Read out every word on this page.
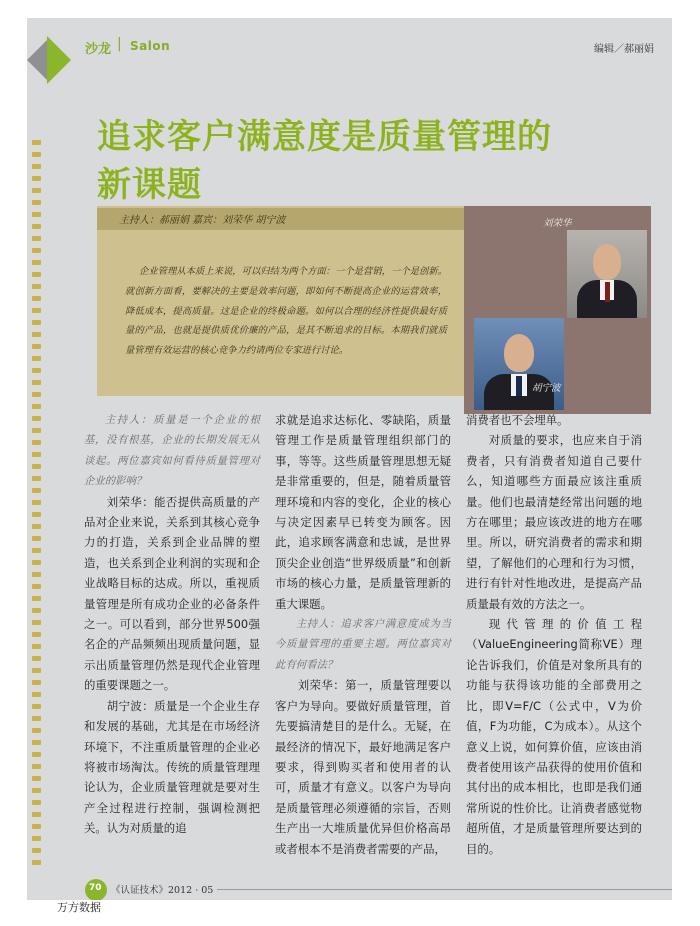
沙龙 | Salon	编辑／郝丽娟
追求客户满意度是质量管理的
新课题
主持人：郝丽娟 嘉宾：刘荣华 胡宁波
企业管理从本质上来说，可以归结为两个方面：一个是营销，一个是创新。就创新方面看，要解决的主要是效率问题，即如何不断提高企业的运营效率，降低成本，提高质量。这是企业的终极命题。如何以合理的经济性提供最好质量的产品，也就是提供质优价廉的产品，是其不断追求的目标。本期我们就质量管理有效运营的核心竞争力约请两位专家进行讨论。
刘荣华
胡宁波
70 《认证技术》2012 · 05

主持人：质量是一个企业的根基，没有根基，企业的长期发展无从谈起。两位嘉宾如何看待质量管理对企业的影响？

刘荣华：能否提供高质量的产品对企业来说，关系到其核心竞争力的打造，关系到企业品牌的塑造，也关系到企业利润的实现和企业战略目标的达成。所以，重视质量管理是所有成功企业的必备条件之一。可以看到，部分世界500强名企的产品频频出现质量问题，显示出质量管理仍然是现代企业管理的重要课题之一。

胡宁波：质量是一个企业生存和发展的基础，尤其是在市场经济环境下，不注重质量管理的企业必将被市场淘汰。传统的质量管理理论认为，企业质量管理就是要对生产全过程进行控制，强调检测把关。认为对质量的追

求就是追求达标化、零缺陷，质量管理工作是质量管理组织部门的事，等等。这些质量管理思想无疑是非常重要的，但是，随着质量管理环境和内容的变化，企业的核心与决定因素早已转变为顾客。因此，追求顾客满意和忠诚，是世界顶尖企业创造“世界级质量”和创新市场的核心力量，是质量管理新的重大课题。

主持人：追求客户满意度成为当今质量管理的重要主题。两位嘉宾对此有何看法？

刘荣华：第一，质量管理要以客户为导向。要做好质量管理，首先要搞清楚目的是什么。无疑，在最经济的情况下，最好地满足客户要求，得到购买者和使用者的认可，质量才有意义。以客户为导向是质量管理必须遵循的宗旨，否则生产出一大堆质量优异但价格高昂或者根本不是消费者需要的产品，

消费者也不会埋单。

对质量的要求，也应来自于消费者，只有消费者知道自己要什么，知道哪些方面最应该注重质量。他们也最清楚经常出问题的地方在哪里；最应该改进的地方在哪里。所以，研究消费者的需求和期望，了解他们的心理和行为习惯，进行有针对性地改进，是提高产品质量最有效的方法之一。

现代管理的价值工程（ValueEngineering简称VE）理论告诉我们，价值是对象所具有的功能与获得该功能的全部费用之比，即V=F/C（公式中，V为价值，F为功能，C为成本）。从这个意义上说，如何算价值，应该由消费者使用该产品获得的使用价值和其付出的成本相比，也即是我们通常所说的性价比。让消费者感觉物超所值，才是质量管理所要达到的目的。

万方数据
